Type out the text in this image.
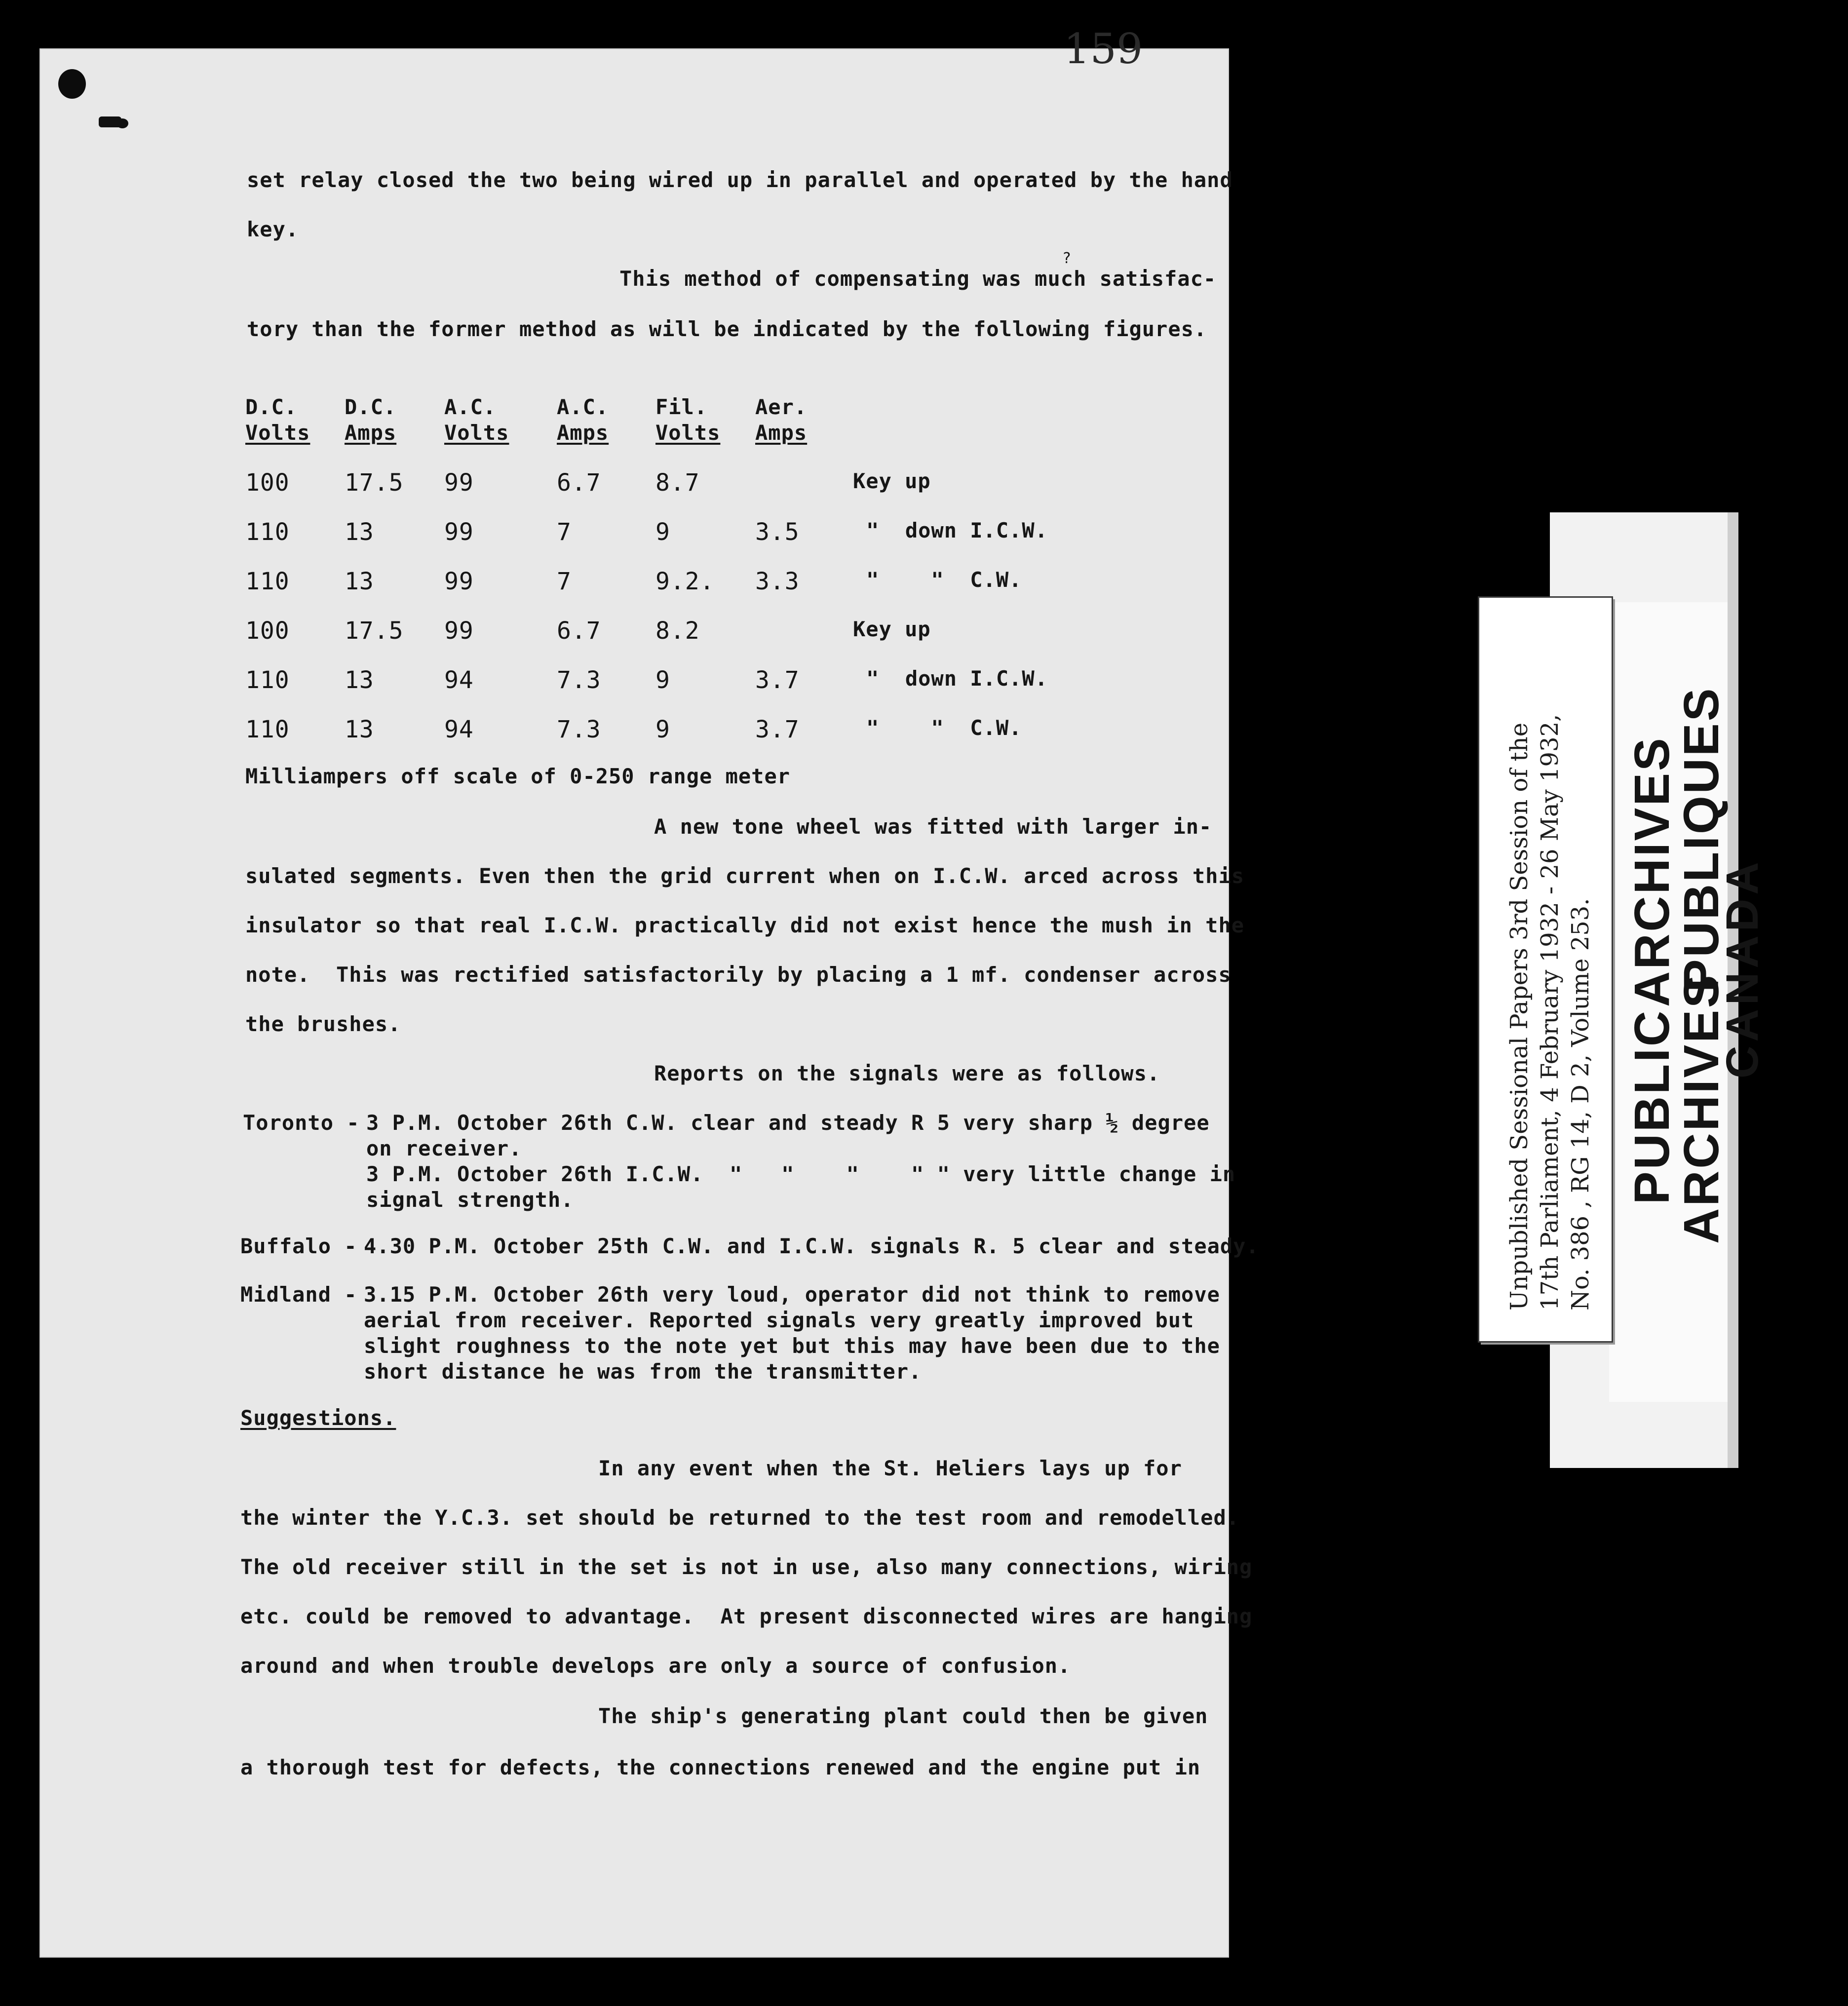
159
set relay closed the two being wired up in parallel and operated by the hand
key.
This method of compensating was much satisfac-
?
tory than the former method as will be indicated by the following figures.
D.C. D.C. A.C.	A.C. Fil. Aer.
Volts Amps Volts Amps Volts Amps
100 17.5 99	6.7 8.7	Key up
110 13	99	7	9	3.5	"  down I.C.W.
110 13	99	7	9.2. 3.3	"    "  C.W.
100 17.5 99	6.7 8.2	Key up
110 13	94	7.3 9	3.7	"  down I.C.W.
110 13	94	7.3 9	3.7	"    "  C.W.
Milliampers off scale of 0-250 range meter
A new tone wheel was fitted with larger in-
sulated segments. Even then the grid current when on I.C.W. arced across this
insulator so that real I.C.W. practically did not exist hence the mush in the
note.  This was rectified satisfactorily by placing a 1 mf. condenser across
the brushes.
Reports on the signals were as follows.
Toronto - 3 P.M. October 26th C.W. clear and steady R 5 very sharp ½ degree
on receiver.
3 P.M. October 26th I.C.W.  "   "    "    " " very little change in
signal strength.
Buffalo - 4.30 P.M. October 25th C.W. and I.C.W. signals R. 5 clear and steady.
Midland - 3.15 P.M. October 26th very loud, operator did not think to remove
aerial from receiver. Reported signals very greatly improved but
slight roughness to the note yet but this may have been due to the
short distance he was from the transmitter.
Suggestions.
In any event when the St. Heliers lays up for
the winter the Y.C.3. set should be returned to the test room and remodelled.
The old receiver still in the set is not in use, also many connections, wiring
etc. could be removed to advantage.  At present disconnected wires are hanging
around and when trouble develops are only a source of confusion.
The ship's generating plant could then be given
a thorough test for defects, the connections renewed and the engine put in
PUBLIC
ARCHIVES
ARCHIVES
PUBLIQUES
CANADA
Unpublished Sessional Papers 3rd Session of the 17th Parliament, 4 February 1932 - 26 May 1932, No. 386 , RG 14, D 2, Volume 253.
